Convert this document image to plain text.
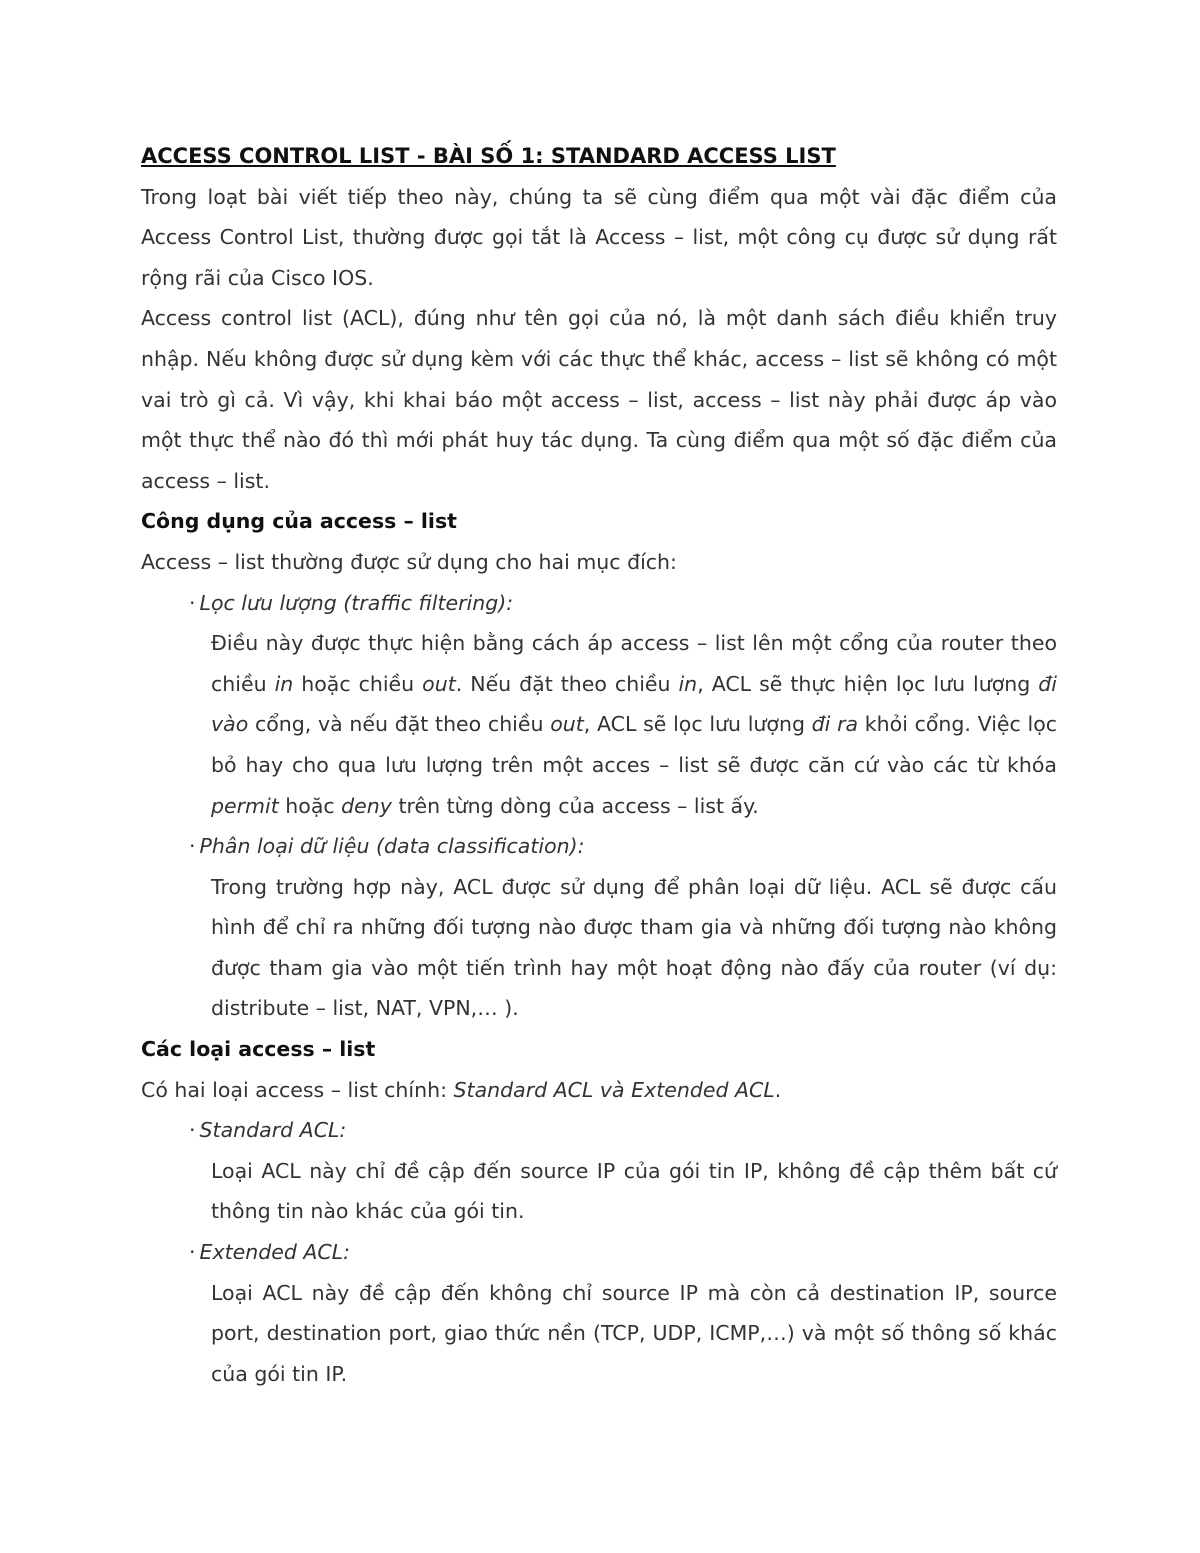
ACCESS CONTROL LIST - BÀI SỐ 1: STANDARD ACCESS LIST

Trong loạt bài viết tiếp theo này, chúng ta sẽ cùng điểm qua một vài đặc điểm của Access Control List, thường được gọi tắt là Access – list, một công cụ được sử dụng rất rộng rãi của Cisco IOS.

Access control list (ACL), đúng như tên gọi của nó, là một danh sách điều khiển truy nhập. Nếu không được sử dụng kèm với các thực thể khác, access – list sẽ không có một vai trò gì cả. Vì vậy, khi khai báo một access – list, access – list này phải được áp vào một thực thể nào đó thì mới phát huy tác dụng. Ta cùng điểm qua một số đặc điểm của access – list.

Công dụng của access – list

Access – list thường được sử dụng cho hai mục đích:

· Lọc lưu lượng (traffic filtering):

Điều này được thực hiện bằng cách áp access – list lên một cổng của router theo chiều in hoặc chiều out. Nếu đặt theo chiều in, ACL sẽ thực hiện lọc lưu lượng đi vào cổng, và nếu đặt theo chiều out, ACL sẽ lọc lưu lượng đi ra khỏi cổng. Việc lọc bỏ hay cho qua lưu lượng trên một acces – list sẽ được căn cứ vào các từ khóa permit hoặc deny trên từng dòng của access – list ấy.

· Phân loại dữ liệu (data classification):

Trong trường hợp này, ACL được sử dụng để phân loại dữ liệu. ACL sẽ được cấu hình để chỉ ra những đối tượng nào được tham gia và những đối tượng nào không được tham gia vào một tiến trình hay một hoạt động nào đấy của router (ví dụ: distribute – list, NAT, VPN,… ).

Các loại access – list

Có hai loại access – list chính: Standard ACL và Extended ACL.

· Standard ACL:

Loại ACL này chỉ đề cập đến source IP của gói tin IP, không đề cập thêm bất cứ thông tin nào khác của gói tin.

· Extended ACL:

Loại ACL này đề cập đến không chỉ source IP mà còn cả destination IP, source port, destination port, giao thức nền (TCP, UDP, ICMP,…) và một số thông số khác của gói tin IP.
